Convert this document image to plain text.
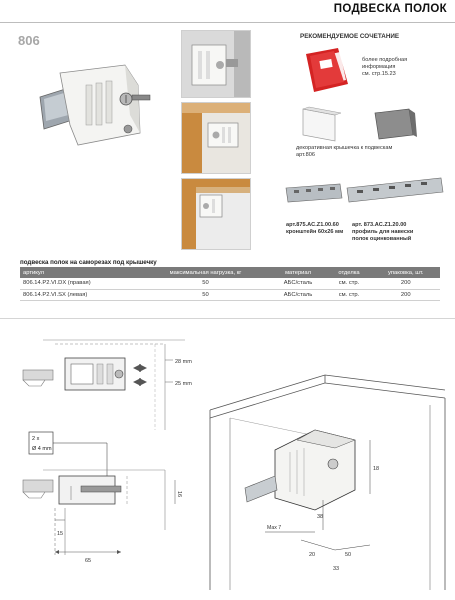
ПОДВЕСКА ПОЛОК
806	РЕКОМЕНДУЕМОЕ СОЧЕТАНИЕ
более подробная
информация
см. стр.15.23
декоративная крышечка к подвескам
арт.806
арт.875.AC.Z1.00.60
кронштейн 60х26 мм
арт. 873.AC.Z1.20.00
профиль для навески
полок оцинкованный
подвеска полок на саморезах под крышечку
артикул	максимальная нагрузка, кг	материал	отделка	упаковка, шт.
806.14.P2.VI.DX (правая)	50	АБС/сталь	см. стр.	200
806.14.P2.VI.SX (левая)	50	АБС/сталь	см. стр.	200
28 mm
25 mm
2 x
Ø 4 mm
16
15
65
18
38
Max 7
20	50
33
